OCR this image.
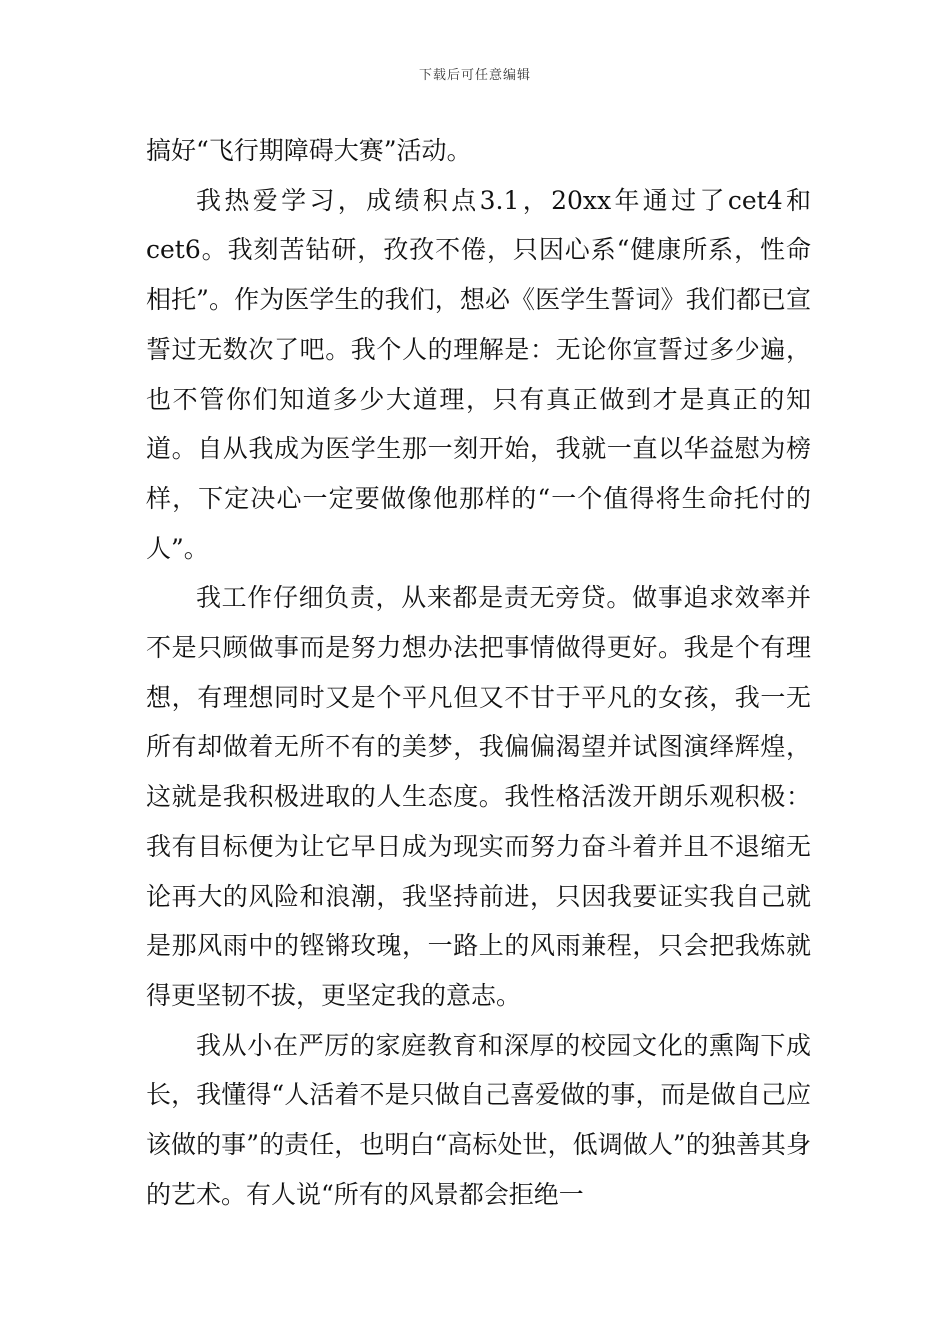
下载后可任意编辑

搞好“飞行期障碍大赛”活动。

我热爱学习，成绩积点3.1，20xx年通过了cet4和cet6。我刻苦钻研，孜孜不倦，只因心系“健康所系，性命相托”。作为医学生的我们，想必《医学生誓词》我们都已宣誓过无数次了吧。我个人的理解是：无论你宣誓过多少遍，也不管你们知道多少大道理，只有真正做到才是真正的知道。自从我成为医学生那一刻开始，我就一直以华益慰为榜样，下定决心一定要做像他那样的“一个值得将生命托付的人”。

我工作仔细负责，从来都是责无旁贷。做事追求效率并不是只顾做事而是努力想办法把事情做得更好。我是个有理想，有理想同时又是个平凡但又不甘于平凡的女孩，我一无所有却做着无所不有的美梦，我偏偏渴望并试图演绎辉煌，这就是我积极进取的人生态度。我性格活泼开朗乐观积极：我有目标便为让它早日成为现实而努力奋斗着并且不退缩无论再大的风险和浪潮，我坚持前进，只因我要证实我自己就是那风雨中的铿锵玫瑰，一路上的风雨兼程，只会把我炼就得更坚韧不拔，更坚定我的意志。

我从小在严厉的家庭教育和深厚的校园文化的熏陶下成长，我懂得“人活着不是只做自己喜爱做的事，而是做自己应该做的事”的责任，也明白“高标处世，低调做人”的独善其身的艺术。有人说“所有的风景都会拒绝一
